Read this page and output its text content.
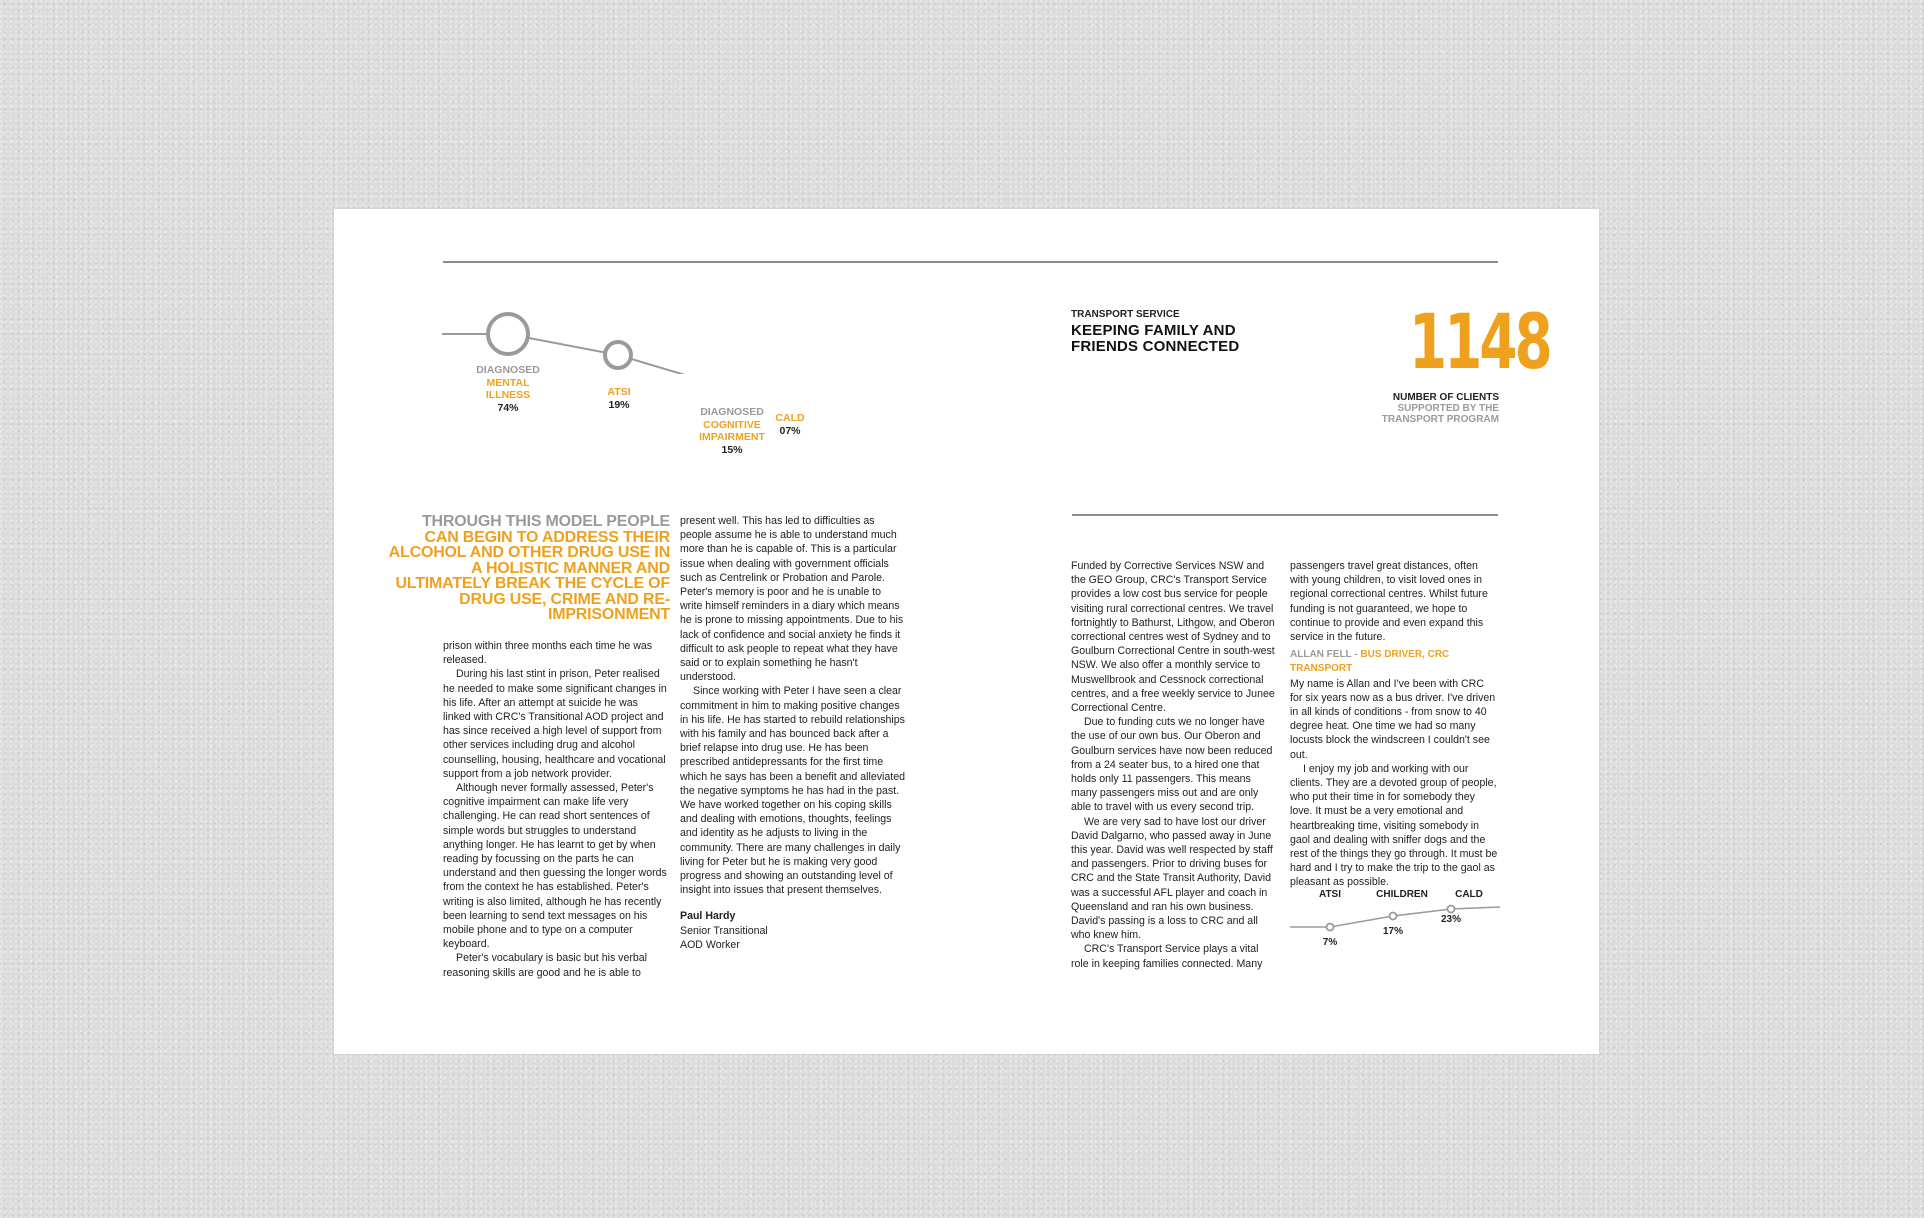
DIAGNOSED
MENTAL ILLNESS
74%
ATSI
19%
DIAGNOSED
COGNITIVE IMPAIRMENT
15%
CALD
07%
THROUGH THIS MODEL PEOPLE
CAN BEGIN TO ADDRESS THEIR ALCOHOL AND OTHER DRUG USE IN A HOLISTIC MANNER AND ULTIMATELY BREAK THE CYCLE OF DRUG USE, CRIME AND RE-IMPRISONMENT

prison within three months each time he was released.

During his last stint in prison, Peter realised he needed to make some significant changes in his life. After an attempt at suicide he was linked with CRC's Transitional AOD project and has since received a high level of support from other services including drug and alcohol counselling, housing, healthcare and vocational support from a job network provider.

Although never formally assessed, Peter's cognitive impairment can make life very challenging. He can read short sentences of simple words but struggles to understand anything longer. He has learnt to get by when reading by focussing on the parts he can understand and then guessing the longer words from the context he has established. Peter's writing is also limited, although he has recently been learning to send text messages on his mobile phone and to type on a computer keyboard.

Peter's vocabulary is basic but his verbal reasoning skills are good and he is able to

present well. This has led to difficulties as people assume he is able to understand much more than he is capable of. This is a particular issue when dealing with government officials such as Centrelink or Probation and Parole. Peter's memory is poor and he is unable to write himself reminders in a diary which means he is prone to missing appointments. Due to his lack of confidence and social anxiety he finds it difficult to ask people to repeat what they have said or to explain something he hasn't understood.

Since working with Peter I have seen a clear commitment in him to making positive changes in his life. He has started to rebuild relationships with his family and has bounced back after a brief relapse into drug use. He has been prescribed antidepressants for the first time which he says has been a benefit and alleviated the negative symptoms he has had in the past. We have worked together on his coping skills and dealing with emotions, thoughts, feelings and identity as he adjusts to living in the community. There are many challenges in daily living for Peter but he is making very good progress and showing an outstanding level of insight into issues that present themselves.

Paul Hardy
Senior Transitional
AOD Worker
TRANSPORT SERVICE
KEEPING FAMILY AND
FRIENDS CONNECTED 1148
NUMBER OF CLIENTS
SUPPORTED BY THE
TRANSPORT PROGRAM

Funded by Corrective Services NSW and the GEO Group, CRC's Transport Service provides a low cost bus service for people visiting rural correctional centres. We travel fortnightly to Bathurst, Lithgow, and Oberon correctional centres west of Sydney and to Goulburn Correctional Centre in south-west NSW. We also offer a monthly service to Muswellbrook and Cessnock correctional centres, and a free weekly service to Junee Correctional Centre.

Due to funding cuts we no longer have the use of our own bus. Our Oberon and Goulburn services have now been reduced from a 24 seater bus, to a hired one that holds only 11 passengers. This means many passengers miss out and are only able to travel with us every second trip.

We are very sad to have lost our driver David Dalgarno, who passed away in June this year. David was well respected by staff and passengers. Prior to driving buses for CRC and the State Transit Authority, David was a successful AFL player and coach in Queensland and ran his own business. David's passing is a loss to CRC and all who knew him.

CRC's Transport Service plays a vital role in keeping families connected. Many

passengers travel great distances, often with young children, to visit loved ones in regional correctional centres. Whilst future funding is not guaranteed, we hope to continue to provide and even expand this service in the future.

ALLAN FELL - BUS DRIVER, CRC TRANSPORT

My name is Allan and I've been with CRC for six years now as a bus driver. I've driven in all kinds of conditions - from snow to 40 degree heat. One time we had so many locusts block the windscreen I couldn't see out.

I enjoy my job and working with our clients. They are a devoted group of people, who put their time in for somebody they love. It must be a very emotional and heartbreaking time, visiting somebody in gaol and dealing with sniffer dogs and the rest of the things they go through. It must be hard and I try to make the trip to the gaol as pleasant as possible.

ATSI	CHILDREN	CALD
7%
17%
23%
